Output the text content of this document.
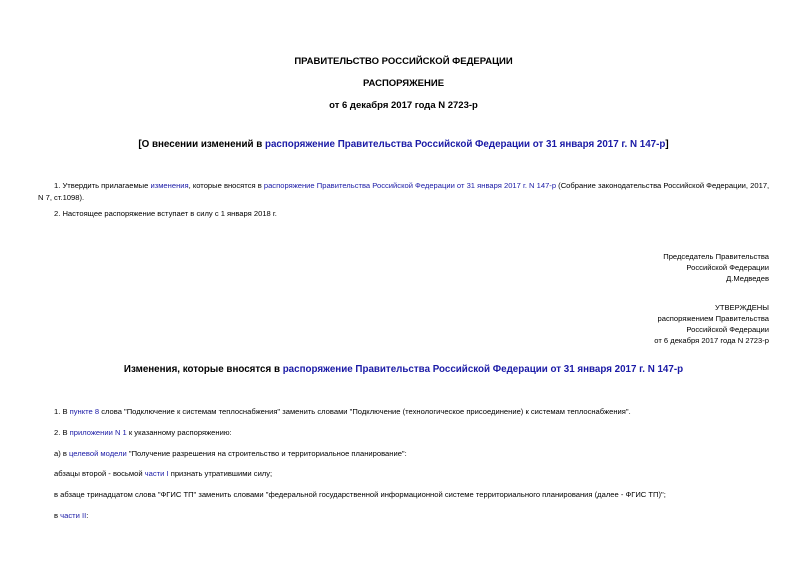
ПРАВИТЕЛЬСТВО РОССИЙСКОЙ ФЕДЕРАЦИИ
РАСПОРЯЖЕНИЕ
от 6 декабря 2017 года N 2723-р
[О внесении изменений в распоряжение Правительства Российской Федерации от 31 января 2017 г. N 147-р]
1. Утвердить прилагаемые изменения, которые вносятся в распоряжение Правительства Российской Федерации от 31 января 2017 г. N 147-р (Собрание законодательства Российской Федерации, 2017, N 7, ст.1098).
2. Настоящее распоряжение вступает в силу с 1 января 2018 г.
Председатель Правительства
Российской Федерации
Д.Медведев
УТВЕРЖДЕНЫ
распоряжением Правительства
Российской Федерации
от 6 декабря 2017 года N 2723-р
Изменения, которые вносятся в распоряжение Правительства Российской Федерации от 31 января 2017 г. N 147-р
1. В пункте 8 слова "Подключение к системам теплоснабжения" заменить словами "Подключение (технологическое присоединение) к системам теплоснабжения".
2. В приложении N 1 к указанному распоряжению:
а) в целевой модели "Получение разрешения на строительство и территориальное планирование":
абзацы второй - восьмой части I признать утратившими силу;
в абзаце тринадцатом слова "ФГИС ТП" заменить словами "федеральной государственной информационной системе территориального планирования (далее - ФГИС ТП)";
в части II:
